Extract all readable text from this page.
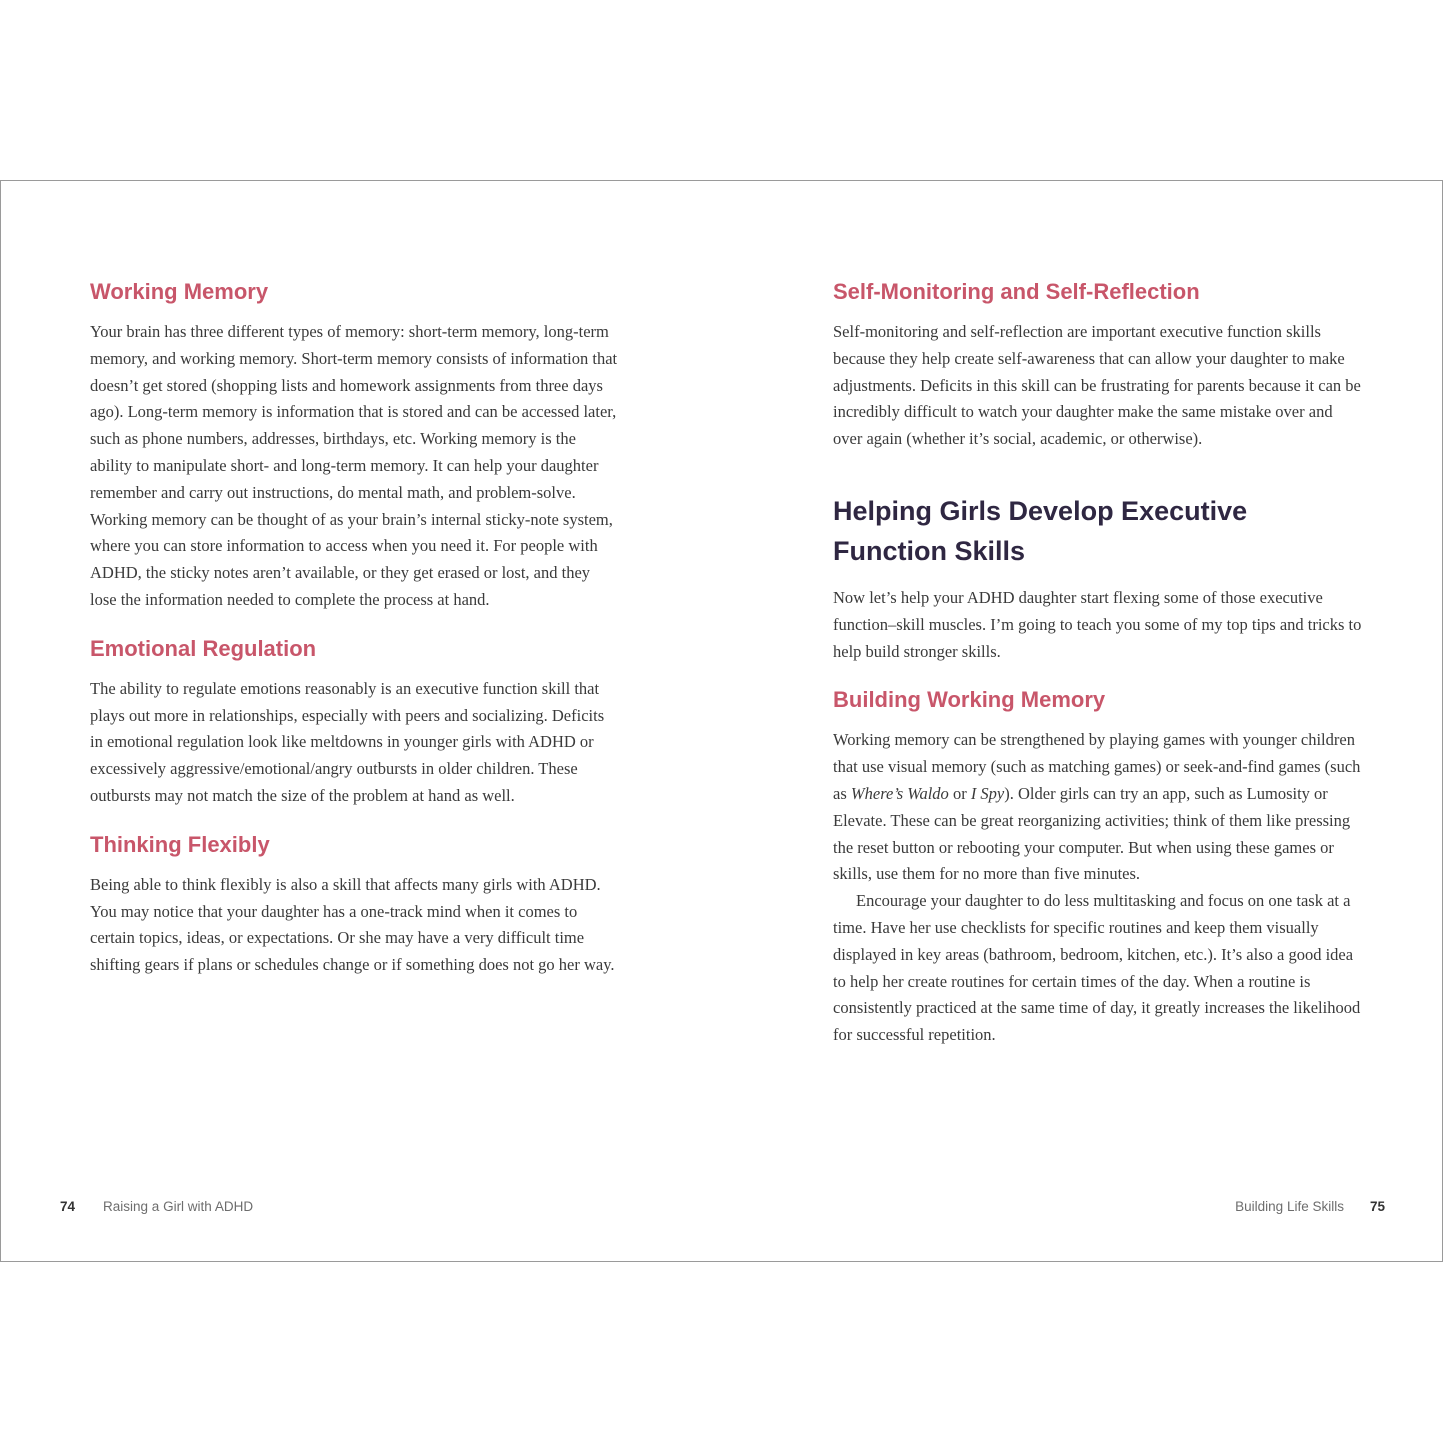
Working Memory

Your brain has three different types of memory: short-term memory, long-term memory, and working memory. Short-term memory consists of information that doesn’t get stored (shopping lists and homework assignments from three days ago). Long-term memory is information that is stored and can be accessed later, such as phone numbers, addresses, birthdays, etc. Working memory is the ability to manipulate short- and long-term memory. It can help your daughter remember and carry out instructions, do mental math, and problem-solve. Working memory can be thought of as your brain’s internal sticky-note system, where you can store information to access when you need it. For people with ADHD, the sticky notes aren’t available, or they get erased or lost, and they lose the information needed to complete the process at hand.

Emotional Regulation

The ability to regulate emotions reasonably is an executive function skill that plays out more in relationships, especially with peers and socializing. Deficits in emotional regulation look like meltdowns in younger girls with ADHD or excessively aggressive/emotional/angry outbursts in older children. These outbursts may not match the size of the problem at hand as well.

Thinking Flexibly

Being able to think flexibly is also a skill that affects many girls with ADHD. You may notice that your daughter has a one-track mind when it comes to certain topics, ideas, or expectations. Or she may have a very difficult time shifting gears if plans or schedules change or if something does not go her way.

74 Raising a Girl with ADHD
Self-Monitoring and Self-Reflection

Self-monitoring and self-reflection are important executive function skills because they help create self-awareness that can allow your daughter to make adjustments. Deficits in this skill can be frustrating for parents because it can be incredibly difficult to watch your daughter make the same mistake over and over again (whether it’s social, academic, or otherwise).

Helping Girls Develop Executive
Function Skills

Now let’s help your ADHD daughter start flexing some of those executive function–skill muscles. I’m going to teach you some of my top tips and tricks to help build stronger skills.

Building Working Memory

Working memory can be strengthened by playing games with younger children that use visual memory (such as matching games) or seek-and-find games (such as Where’s Waldo or I Spy). Older girls can try an app, such as Lumosity or Elevate. These can be great reorganizing activities; think of them like pressing the reset button or rebooting your computer. But when using these games or skills, use them for no more than five minutes.

Encourage your daughter to do less multitasking and focus on one task at a time. Have her use checklists for specific routines and keep them visually displayed in key areas (bathroom, bedroom, kitchen, etc.). It’s also a good idea to help her create routines for certain times of the day. When a routine is consistently practiced at the same time of day, it greatly increases the likelihood for successful repetition.

Building Life Skills 75
